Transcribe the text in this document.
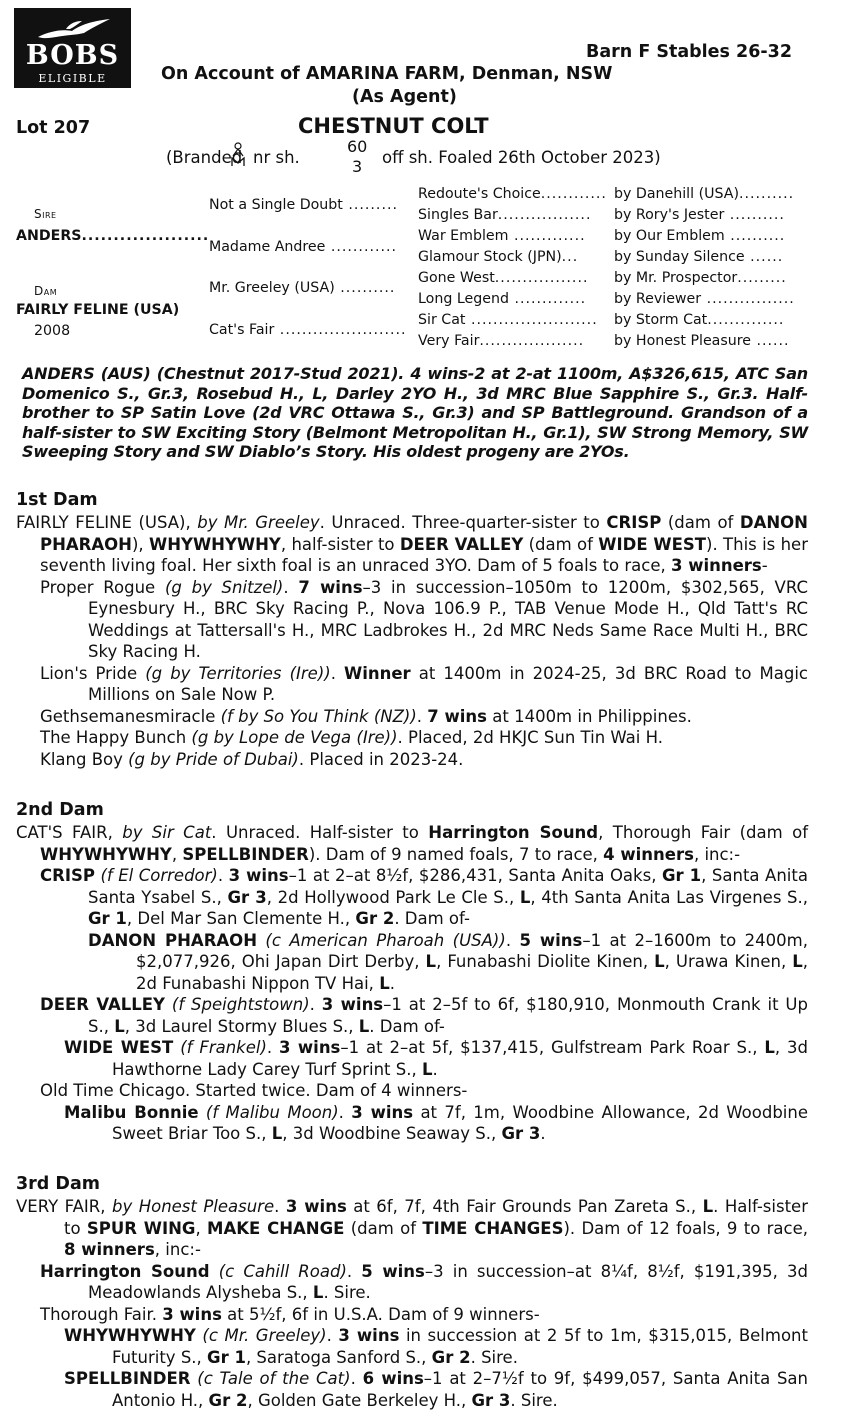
BOBS
ELIGIBLE
Barn F Stables 26-32
On Account of AMARINA FARM, Denman, NSW
(As Agent)
Lot 207	CHESTNUT COLT
(Branded nr sh.
60
3 off sh. Foaled 26th October 2023)
Sire
ANDERS....................
Dam
FAIRLY FELINE (USA)
2008
Not a Single Doubt .........
Madame Andree ............
Mr. Greeley (USA) ..........
Cat's Fair .......................
Redoute's Choice............
Singles Bar.................
War Emblem .............
Glamour Stock (JPN)...
Gone West.................
Long Legend .............
Sir Cat .......................
Very Fair...................
by Danehill (USA)..........
by Rory's Jester ..........
by Our Emblem ..........
by Sunday Silence ......
by Mr. Prospector.........
by Reviewer ................
by Storm Cat..............
by Honest Pleasure ......
ANDERS (AUS) (Chestnut 2017-Stud 2021). 4 wins-2 at 2-at 1100m, A$326,615, ATC San Domenico S., Gr.3, Rosebud H., L, Darley 2YO H., 3d MRC Blue Sapphire S., Gr.3. Half-brother to SP Satin Love (2d VRC Ottawa S., Gr.3) and SP Battleground. Grandson of a half-sister to SW Exciting Story (Belmont Metropolitan H., Gr.1), SW Strong Memory, SW Sweeping Story and SW Diablo’s Story. His oldest progeny are 2YOs.

1st Dam

FAIRLY FELINE (USA), by Mr. Greeley. Unraced. Three-quarter-sister to CRISP (dam of DANON PHARAOH), WHYWHYWHY, half-sister to DEER VALLEY (dam of WIDE WEST). This is her seventh living foal. Her sixth foal is an unraced 3YO. Dam of 5 foals to race, 3 winners-

Proper Rogue (g by Snitzel). 7 wins–3 in succession–1050m to 1200m, $302,565, VRC Eynesbury H., BRC Sky Racing P., Nova 106.9 P., TAB Venue Mode H., Qld Tatt's RC Weddings at Tattersall's H., MRC Ladbrokes H., 2d MRC Neds Same Race Multi H., BRC Sky Racing H.

Lion's Pride (g by Territories (Ire)). Winner at 1400m in 2024-25, 3d BRC Road to Magic Millions on Sale Now P.

Gethsemanesmiracle (f by So You Think (NZ)). 7 wins at 1400m in Philippines.

The Happy Bunch (g by Lope de Vega (Ire)). Placed, 2d HKJC Sun Tin Wai H.

Klang Boy (g by Pride of Dubai). Placed in 2023-24.

2nd Dam

CAT'S FAIR, by Sir Cat. Unraced. Half-sister to Harrington Sound, Thorough Fair (dam of WHYWHYWHY, SPELLBINDER). Dam of 9 named foals, 7 to race, 4 winners, inc:-

CRISP (f El Corredor). 3 wins–1 at 2–at 8½f, $286,431, Santa Anita Oaks, Gr 1, Santa Anita Santa Ysabel S., Gr 3, 2d Hollywood Park Le Cle S., L, 4th Santa Anita Las Virgenes S., Gr 1, Del Mar San Clemente H., Gr 2. Dam of-

DANON PHARAOH (c American Pharoah (USA)). 5 wins–1 at 2–1600m to 2400m, $2,077,926, Ohi Japan Dirt Derby, L, Funabashi Diolite Kinen, L, Urawa Kinen, L, 2d Funabashi Nippon TV Hai, L.

DEER VALLEY (f Speightstown). 3 wins–1 at 2–5f to 6f, $180,910, Monmouth Crank it Up S., L, 3d Laurel Stormy Blues S., L. Dam of-

WIDE WEST (f Frankel). 3 wins–1 at 2–at 5f, $137,415, Gulfstream Park Roar S., L, 3d Hawthorne Lady Carey Turf Sprint S., L.

Old Time Chicago. Started twice. Dam of 4 winners-

Malibu Bonnie (f Malibu Moon). 3 wins at 7f, 1m, Woodbine Allowance, 2d Woodbine Sweet Briar Too S., L, 3d Woodbine Seaway S., Gr 3.

3rd Dam

VERY FAIR, by Honest Pleasure. 3 wins at 6f, 7f, 4th Fair Grounds Pan Zareta S., L. Half-sister to SPUR WING, MAKE CHANGE (dam of TIME CHANGES). Dam of 12 foals, 9 to race, 8 winners, inc:-

Harrington Sound (c Cahill Road). 5 wins–3 in succession–at 8¼f, 8½f, $191,395, 3d Meadowlands Alysheba S., L. Sire.

Thorough Fair. 3 wins at 5½f, 6f in U.S.A. Dam of 9 winners-

WHYWHYWHY (c Mr. Greeley). 3 wins in succession at 2 5f to 1m, $315,015, Belmont Futurity S., Gr 1, Saratoga Sanford S., Gr 2. Sire.

SPELLBINDER (c Tale of the Cat). 6 wins–1 at 2–7½f to 9f, $499,057, Santa Anita San Antonio H., Gr 2, Golden Gate Berkeley H., Gr 3. Sire.
